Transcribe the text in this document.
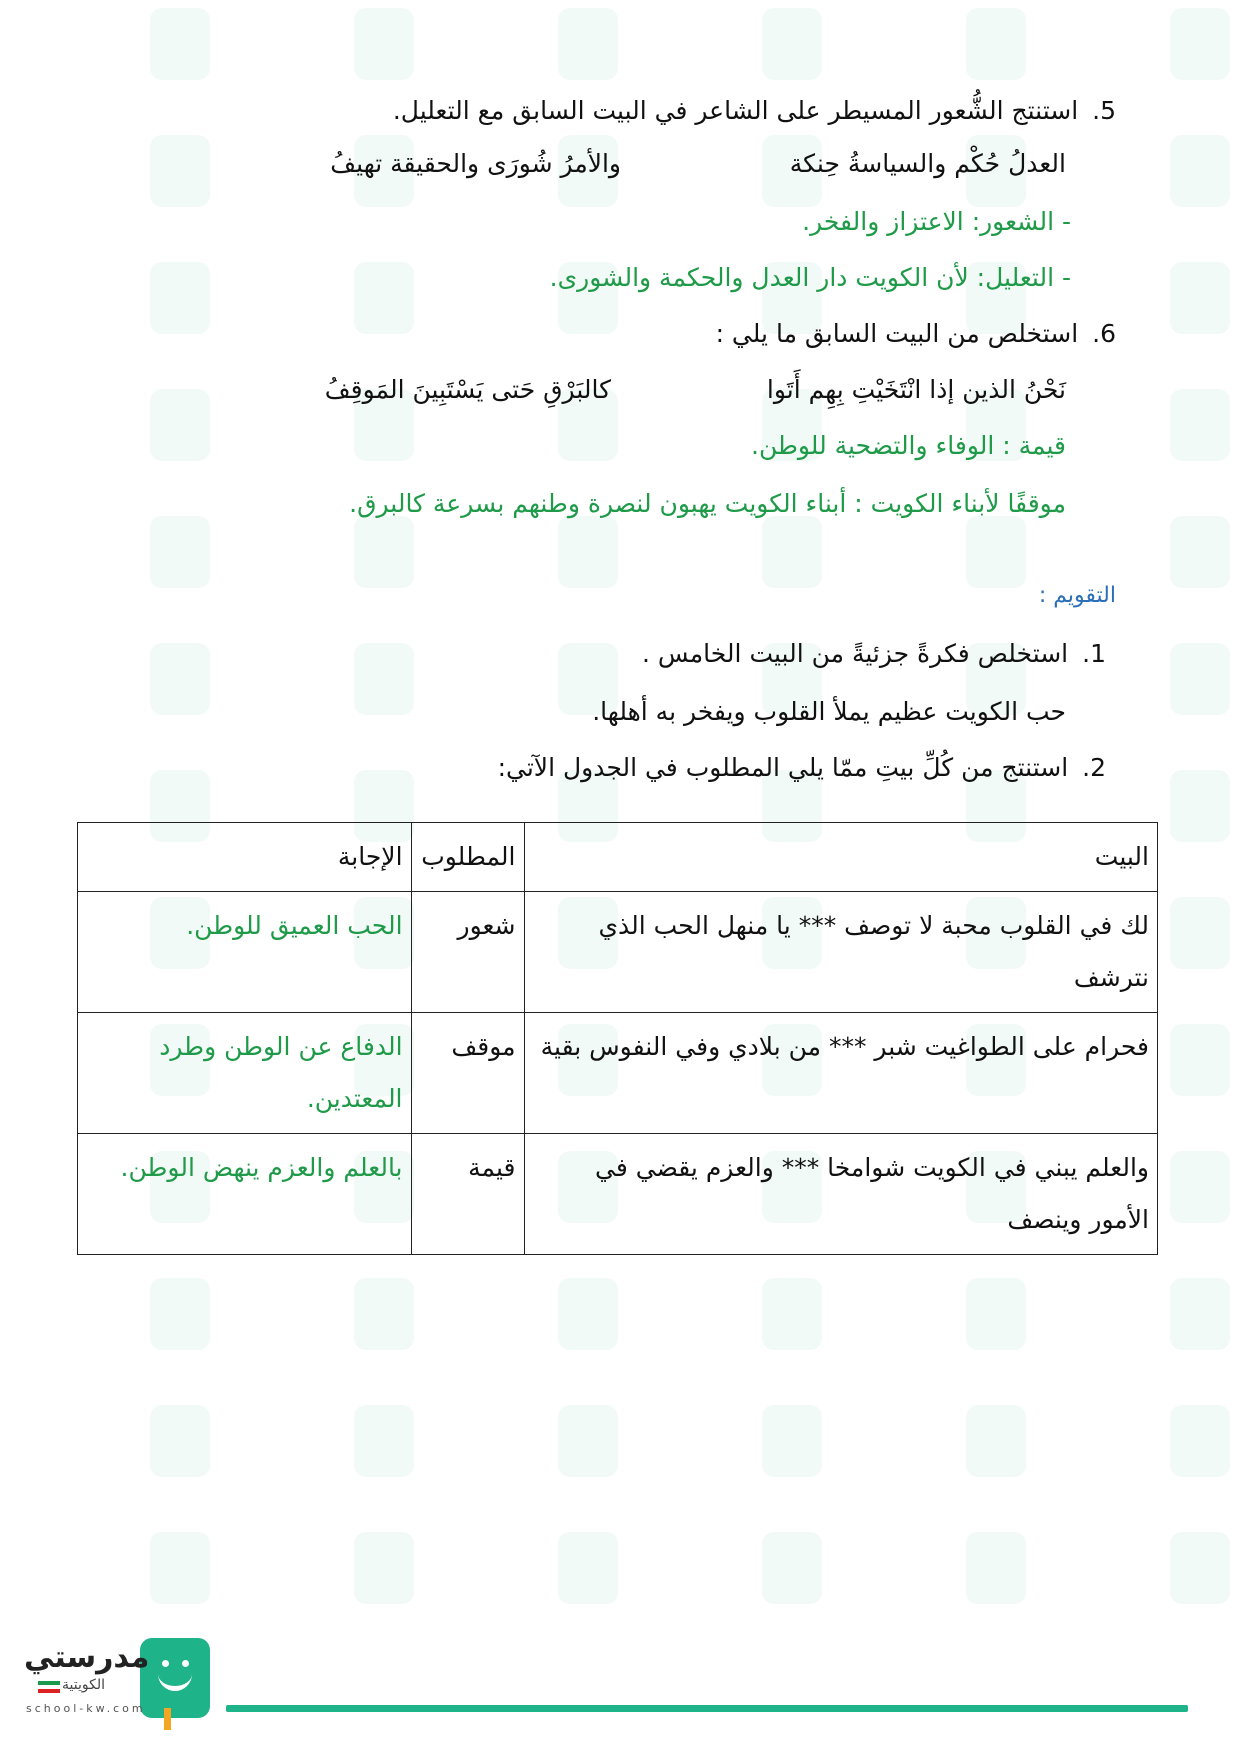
5.استنتج الشُّعور المسيطر على الشاعر في البيت السابق مع التعليل.
العدلُ حُكْم والسياسةُ حِنكة
والأمرُ شُورَى والحقيقة تهيفُ
- الشعور: الاعتزاز والفخر.
- التعليل: لأن الكويت دار العدل والحكمة والشورى.
6.استخلص من البيت السابق ما يلي :
نَحْنُ الذين إذا انْتَخَيْتِ بِهِم أَتَوا
كالبَرْقِ حَتى يَسْتَبِينَ المَوقِفُ
قيمة : الوفاء والتضحية للوطن.
موقفًا لأبناء الكويت : أبناء الكويت يهبون لنصرة وطنهم بسرعة كالبرق.
التقويم :
1.استخلص فكرةً جزئيةً من البيت الخامس .
حب الكويت عظيم يملأ القلوب ويفخر به أهلها.
2.استنتج من كُلِّ بيتِ ممّا يلي المطلوب في الجدول الآتي:
البيت	المطلوب	الإجابة
لك في القلوب محبة لا توصف *** يا منهل الحب الذي نترشف	شعور	الحب العميق للوطن.
فحرام على الطواغيت شبر *** من بلادي وفي النفوس بقية	موقف	الدفاع عن الوطن وطرد المعتدين.
والعلم يبني في الكويت شوامخا *** والعزم يقضي في الأمور وينصف	قيمة	بالعلم والعزم ينهض الوطن.
مدرستي
الكويتية
school-kw.com
